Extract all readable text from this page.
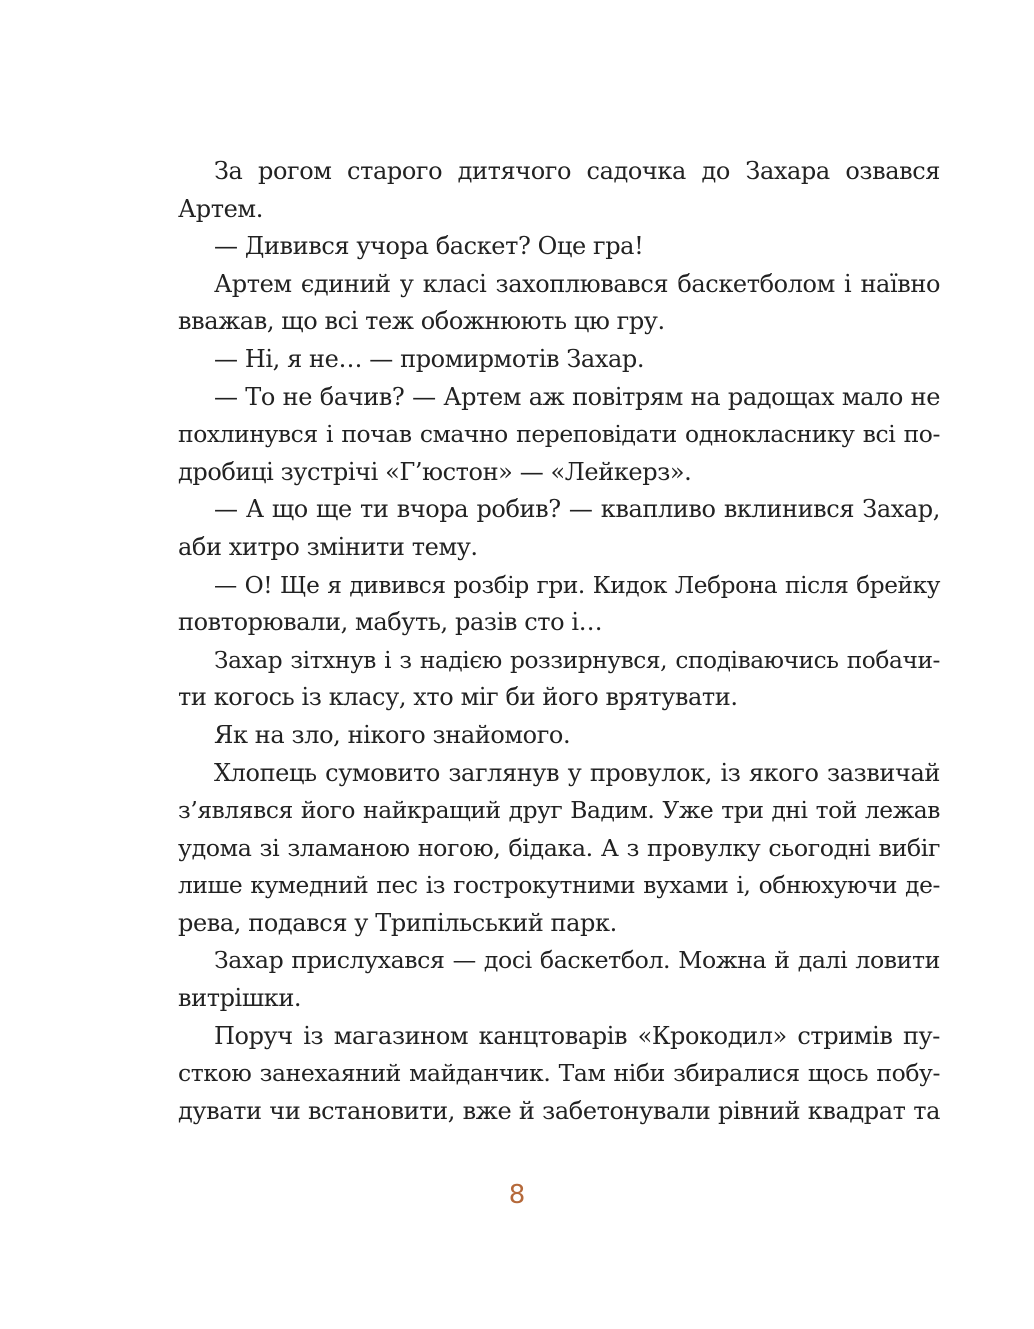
За рогом старого дитячого садочка до Захара озвався
Артем.
— Дивився учора баскет? Оце гра!
Артем єдиний у класі захоплювався баскетболом і наївно
вважав, що всі теж обожнюють цю гру.
— Ні, я не… — промирмотів Захар.
— То не бачив? — Артем аж повітрям на радощах мало не
похлинувся і почав смачно переповідати однокласнику всі по-
дробиці зустрічі «Г’юстон» — «Лейкерз».
— А що ще ти вчора робив? — квапливо вклинився Захар,
аби хитро змінити тему.
— О! Ще я дивився розбір гри. Кидок Леброна після брейку
повторювали, мабуть, разів сто і…
Захар зітхнув і з надією роззирнувся, сподіваючись побачи-
ти когось із класу, хто міг би його врятувати.
Як на зло, нікого знайомого.
Хлопець сумовито заглянув у провулок, із якого зазвичай
з’являвся його найкращий друг Вадим. Уже три дні той лежав
удома зі зламаною ногою, бідака. А з провулку сьогодні вибіг
лише кумедний пес із гострокутними вухами і, обнюхуючи де-
рева, подався у Трипільський парк.
Захар прислухався — досі баскетбол. Можна й далі ловити
витрішки.
Поруч із магазином канцтоварів «Крокодил» стримів пу-
сткою занехаяний майданчик. Там ніби збиралися щось побу-
дувати чи встановити, вже й забетонували рівний квадрат та
8
